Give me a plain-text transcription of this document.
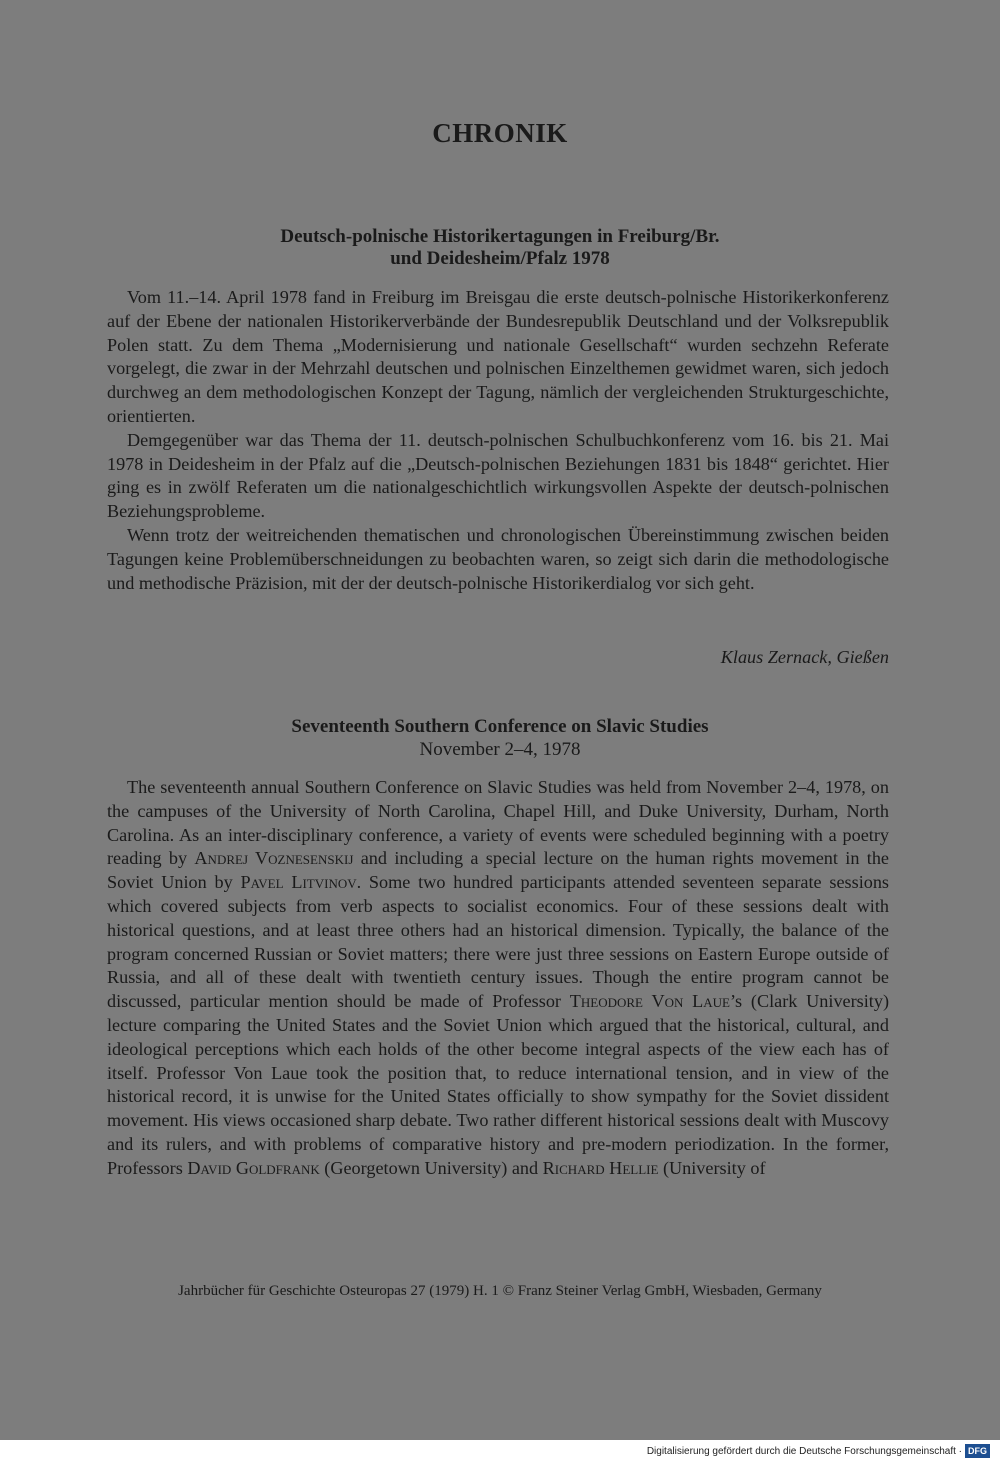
CHRONIK
Deutsch-polnische Historikertagungen in Freiburg/Br.
und Deidesheim/Pfalz 1978

Vom 11.–14. April 1978 fand in Freiburg im Breisgau die erste deutsch-polnische Historikerkonferenz auf der Ebene der nationalen Historikerverbände der Bundesrepublik Deutschland und der Volksrepublik Polen statt. Zu dem Thema „Modernisierung und nationale Gesellschaft“ wurden sechzehn Referate vorgelegt, die zwar in der Mehrzahl deutschen und polnischen Einzelthemen gewidmet waren, sich jedoch durchweg an dem methodologischen Konzept der Tagung, nämlich der vergleichenden Strukturgeschichte, orientierten.

Demgegenüber war das Thema der 11. deutsch-polnischen Schulbuchkonferenz vom 16. bis 21. Mai 1978 in Deidesheim in der Pfalz auf die „Deutsch-polnischen Beziehungen 1831 bis 1848“ gerichtet. Hier ging es in zwölf Referaten um die nationalgeschichtlich wirkungsvollen Aspekte der deutsch-polnischen Beziehungsprobleme.

Wenn trotz der weitreichenden thematischen und chronologischen Übereinstimmung zwischen beiden Tagungen keine Problemüberschneidungen zu beobachten waren, so zeigt sich darin die methodologische und methodische Präzision, mit der der deutsch-polnische Historikerdialog vor sich geht.

Klaus Zernack, Gießen
Seventeenth Southern Conference on Slavic Studies
November 2–4, 1978

The seventeenth annual Southern Conference on Slavic Studies was held from November 2–4, 1978, on the campuses of the University of North Carolina, Chapel Hill, and Duke University, Durham, North Carolina. As an inter-disciplinary conference, a variety of events were scheduled beginning with a poetry reading by Andrej Voznesenskij and including a special lecture on the human rights movement in the Soviet Union by Pavel Litvinov. Some two hundred participants attended seventeen separate sessions which covered subjects from verb aspects to socialist economics. Four of these sessions dealt with historical questions, and at least three others had an historical dimension. Typically, the balance of the program concerned Russian or Soviet matters; there were just three sessions on Eastern Europe outside of Russia, and all of these dealt with twentieth century issues. Though the entire program cannot be discussed, particular mention should be made of Professor Theodore Von Laue’s (Clark University) lecture comparing the United States and the Soviet Union which argued that the historical, cultural, and ideological perceptions which each holds of the other become integral aspects of the view each has of itself. Professor Von Laue took the position that, to reduce international tension, and in view of the historical record, it is unwise for the United States officially to show sympathy for the Soviet dissident movement. His views occasioned sharp debate. Two rather different historical sessions dealt with Muscovy and its rulers, and with problems of comparative history and pre-modern periodization. In the former, Professors David Goldfrank (Georgetown University) and Richard Hellie (University of

Jahrbücher für Geschichte Osteuropas 27 (1979) H. 1 © Franz Steiner Verlag GmbH, Wiesbaden, Germany
Digitalisierung gefördert durch die Deutsche Forschungsgemeinschaft · DFG
